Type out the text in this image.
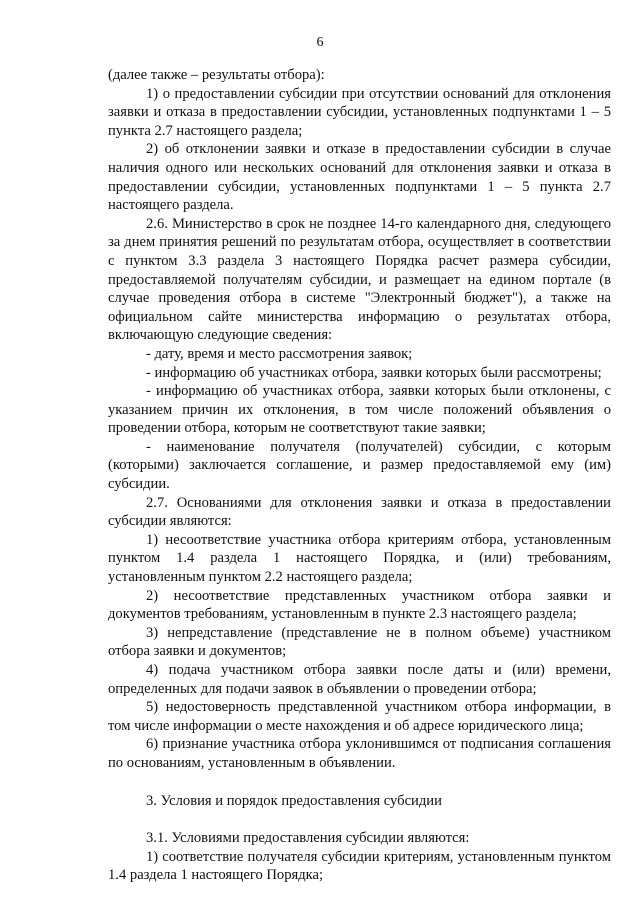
6

(далее также – результаты отбора):

1) о предоставлении субсидии при отсутствии оснований для отклонения заявки и отказа в предоставлении субсидии, установленных подпунктами 1 – 5 пункта 2.7 настоящего раздела;

2) об отклонении заявки и отказе в предоставлении субсидии в случае наличия одного или нескольких оснований для отклонения заявки и отказа в предоставлении субсидии, установленных подпунктами 1 – 5 пункта 2.7 настоящего раздела.

2.6. Министерство в срок не позднее 14-го календарного дня, следующего за днем принятия решений по результатам отбора, осуществляет в соответствии с пунктом 3.3 раздела 3 настоящего Порядка расчет размера субсидии, предоставляемой получателям субсидии, и размещает на едином портале (в случае проведения отбора в системе "Электронный бюджет"), а также на официальном сайте министерства информацию о результатах отбора, включающую следующие сведения:

- дату, время и место рассмотрения заявок;

- информацию об участниках отбора, заявки которых были рассмотрены;

- информацию об участниках отбора, заявки которых были отклонены, с указанием причин их отклонения, в том числе положений объявления о проведении отбора, которым не соответствуют такие заявки;

- наименование получателя (получателей) субсидии, с которым (которыми) заключается соглашение, и размер предоставляемой ему (им) субсидии.

2.7. Основаниями для отклонения заявки и отказа в предоставлении субсидии являются:

1) несоответствие участника отбора критериям отбора, установленным пунктом 1.4 раздела 1 настоящего Порядка, и (или) требованиям, установленным пунктом 2.2 настоящего раздела;

2) несоответствие представленных участником отбора заявки и документов требованиям, установленным в пункте 2.3 настоящего раздела;

3) непредставление (представление не в полном объеме) участником отбора заявки и документов;

4) подача участником отбора заявки после даты и (или) времени, определенных для подачи заявок в объявлении о проведении отбора;

5) недостоверность представленной участником отбора информации, в том числе информации о месте нахождения и об адресе юридического лица;

6) признание участника отбора уклонившимся от подписания соглашения по основаниям, установленным в объявлении.

3. Условия и порядок предоставления субсидии

3.1. Условиями предоставления субсидии являются:

1) соответствие получателя субсидии критериям, установленным пунктом 1.4 раздела 1 настоящего Порядка;
